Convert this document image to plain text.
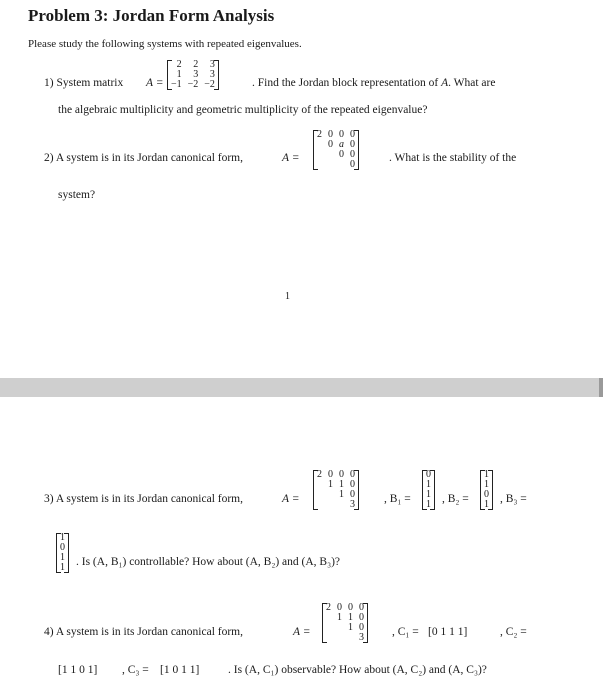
Problem 3: Jordan Form Analysis
Please study the following systems with repeated eigenvalues.
1) System matrix A =
2	2	3
1	3	3
−1	−2	−2	. Find the Jordan block representation of A. What are
the algebraic multiplicity and geometric multiplicity of the repeated eigenvalue?
2) A system is in its Jordan canonical form,	A =
2	0	0	0
	0	a	0
		0	0
			0
. What is the stability of the
system?
1
3) A system is in its Jordan canonical form,	A =
2	0	0	0
	1	1	0
		1	0
			3	, B₁ =
0
1
1
1 , B₂ =
1
1
0
1 , B₃ =
1
0
1
1 . Is (A, B₁) controllable? How about (A, B₂) and (A, B₃)?
4) A system is in its Jordan canonical form,	A =
2	0	0	0
	1	1	0
		1	0
			3 , C₁ = [0 1 1 1]	, C₂ =
[1 1 0 1] , C₃ = [1 0 1 1] . Is (A, C₁) observable? How about (A, C₂) and (A, C₃)?
